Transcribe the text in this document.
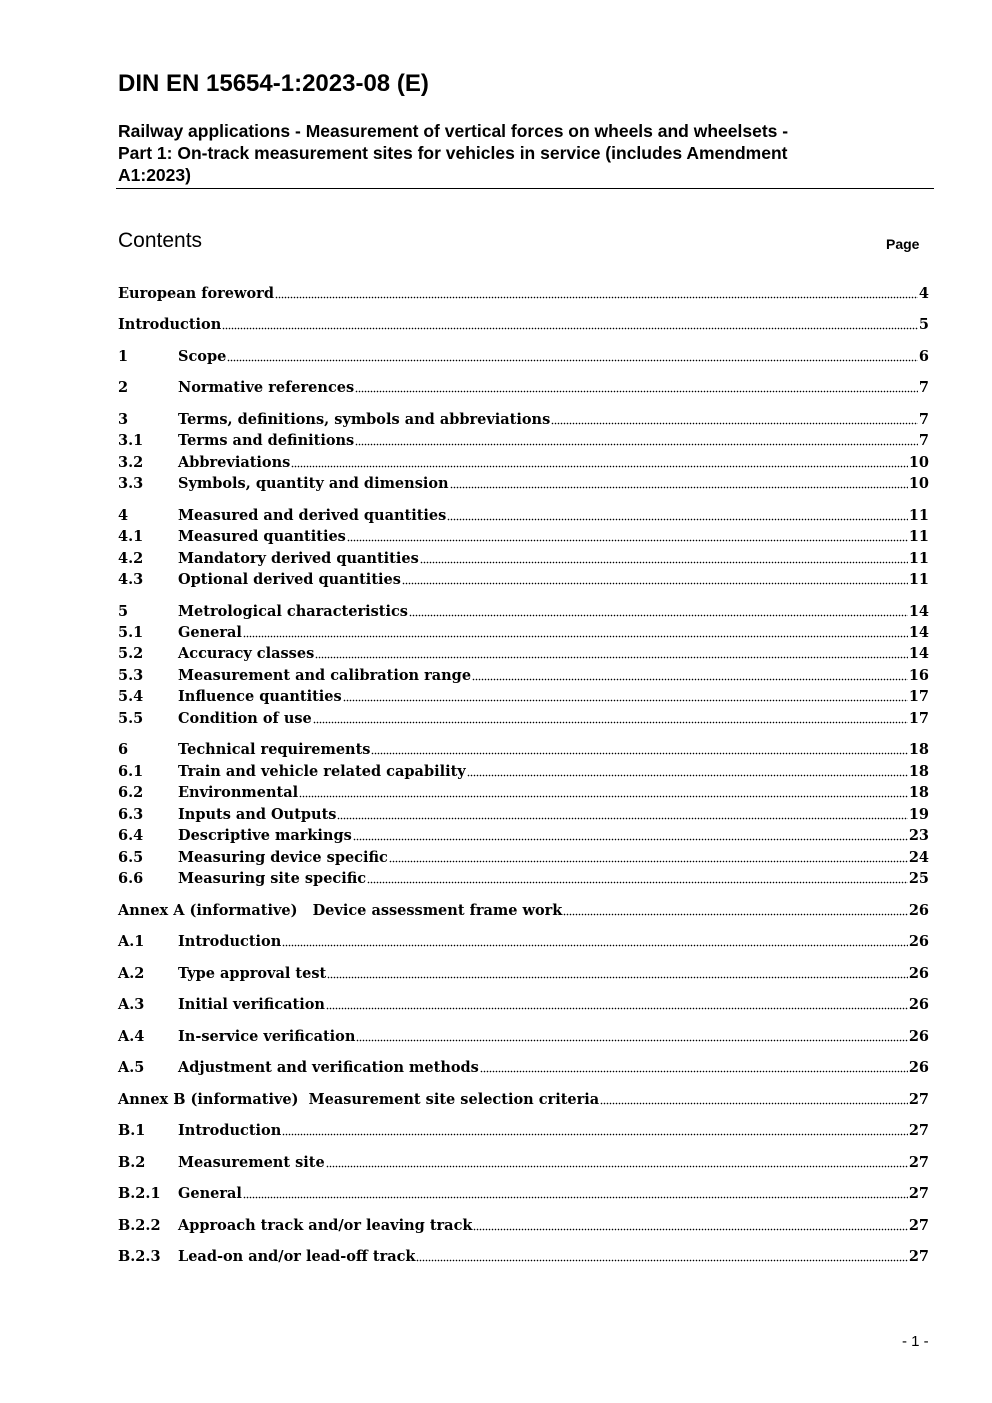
DIN EN 15654-1:2023-08 (E)
Railway applications - Measurement of vertical forces on wheels and wheelsets -
Part 1: On-track measurement sites for vehicles in service (includes Amendment
A1:2023)
Contents	Page
European foreword	4
Introduction	5
1	Scope	6
2	Normative references	7
3	Terms, definitions, symbols and abbreviations	7
3.1	Terms and definitions	7
3.2	Abbreviations	10
3.3	Symbols, quantity and dimension	10
4	Measured and derived quantities	11
4.1	Measured quantities	11
4.2	Mandatory derived quantities	11
4.3	Optional derived quantities	11
5	Metrological characteristics	14
5.1	General	14
5.2	Accuracy classes	14
5.3	Measurement and calibration range	16
5.4	Influence quantities	17
5.5	Condition of use	17
6	Technical requirements	18
6.1	Train and vehicle related capability	18
6.2	Environmental	18
6.3	Inputs and Outputs	19
6.4	Descriptive markings	23
6.5	Measuring device specific	24
6.6	Measuring site specific	25
Annex A (informative)   Device assessment frame work	26
A.1	Introduction	26
A.2	Type approval test	26
A.3	Initial verification	26
A.4	In-service verification	26
A.5	Adjustment and verification methods	26
Annex B (informative)  Measurement site selection criteria	27
B.1	Introduction	27
B.2	Measurement site	27
B.2.1	General	27
B.2.2	Approach track and/or leaving track	27
B.2.3	Lead-on and/or lead-off track	27
- 1 -
